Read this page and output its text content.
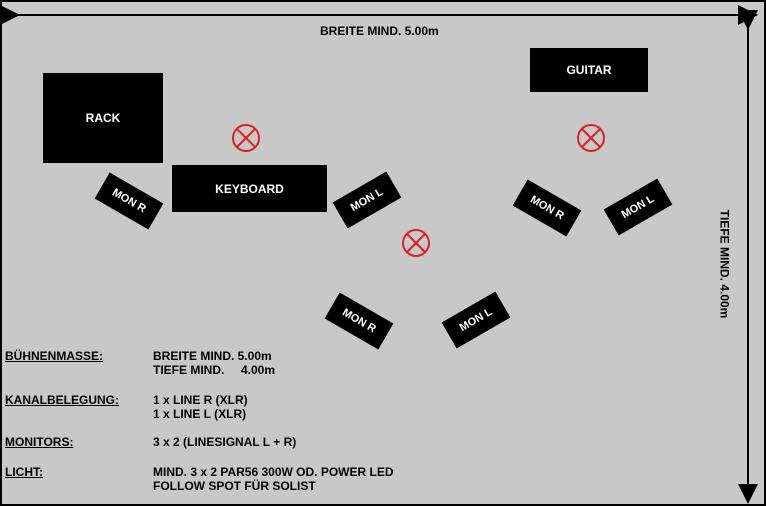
BREITE MIND. 5.00m
TIEFE MIND. 4.00m
RACK
KEYBOARD
GUITAR
MON R	MON L	MON R	MON L
MON R	MON L
BÜHNENMASSE:	BREITE MIND. 5.00m
TIEFE MIND.     4.00m
KANALBELEGUNG:	1 x LINE R (XLR)
1 x LINE L (XLR)
MONITORS:	3 x 2 (LINESIGNAL L + R)
LICHT:	MIND. 3 x 2 PAR56 300W OD. POWER LED
FOLLOW SPOT FÜR SOLIST
